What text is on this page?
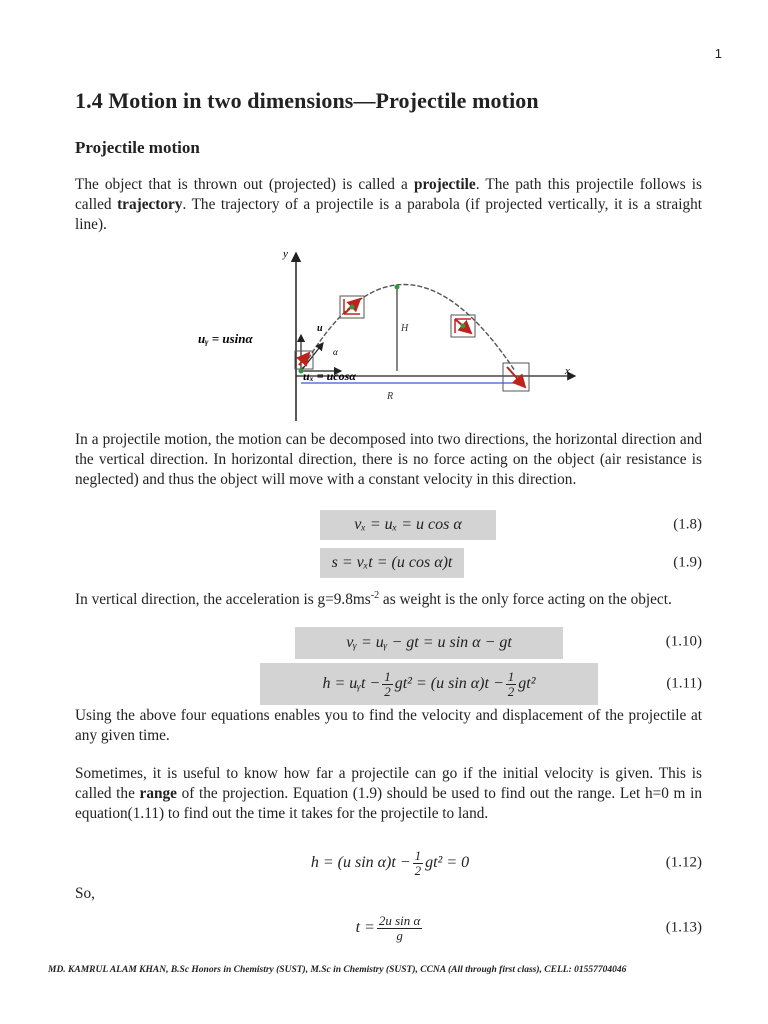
1
1.4 Motion in two dimensions—Projectile motion
Projectile motion
The object that is thrown out (projected) is called a projectile. The path this projectile follows is called trajectory. The trajectory of a projectile is a parabola (if projected vertically, it is a straight line).
y
x
R
H
u
α
uᵧ = usinα
uₓ = ucosα
In a projectile motion, the motion can be decomposed into two directions, the horizontal direction and the vertical direction. In horizontal direction, there is no force acting on the object (air resistance is neglected) and thus the object will move with a constant velocity in this direction.
vₓ = uₓ = u cos α	(1.8)
s = vₓt = (u cos α)t	(1.9)
In vertical direction, the acceleration is $g=9.8ms^{-2}$ as weight is the only force acting on the object.
vᵧ = uᵧ − gt = u sin α − gt	(1.10)
h = uᵧt − $\frac{1}{2} gt^2 = (u$ $\sin \alpha)t - \frac{1}{2} gt^2$	(1.11)
Using the above four equations enables you to find the velocity and displacement of the projectile at any given time.
Sometimes, it is useful to know how far a projectile can go if the initial velocity is given. This is called the range of the projection. Equation (1.9) should be used to find out the range. Let h=0 m in equation(1.11) to find out the time it takes for the projectile to land.
h = (u $\sin \alpha)t - \frac{1}{2} gt^2 = 0$	(1.12)
So,
$t = \frac{\text{2u sin α}}{g}$	(1.13)
MD. KAMRUL ALAM KHAN, B.Sc Honors in Chemistry (SUST), M.Sc in Chemistry (SUST), CCNA (All through first class), CELL: 01557704046
